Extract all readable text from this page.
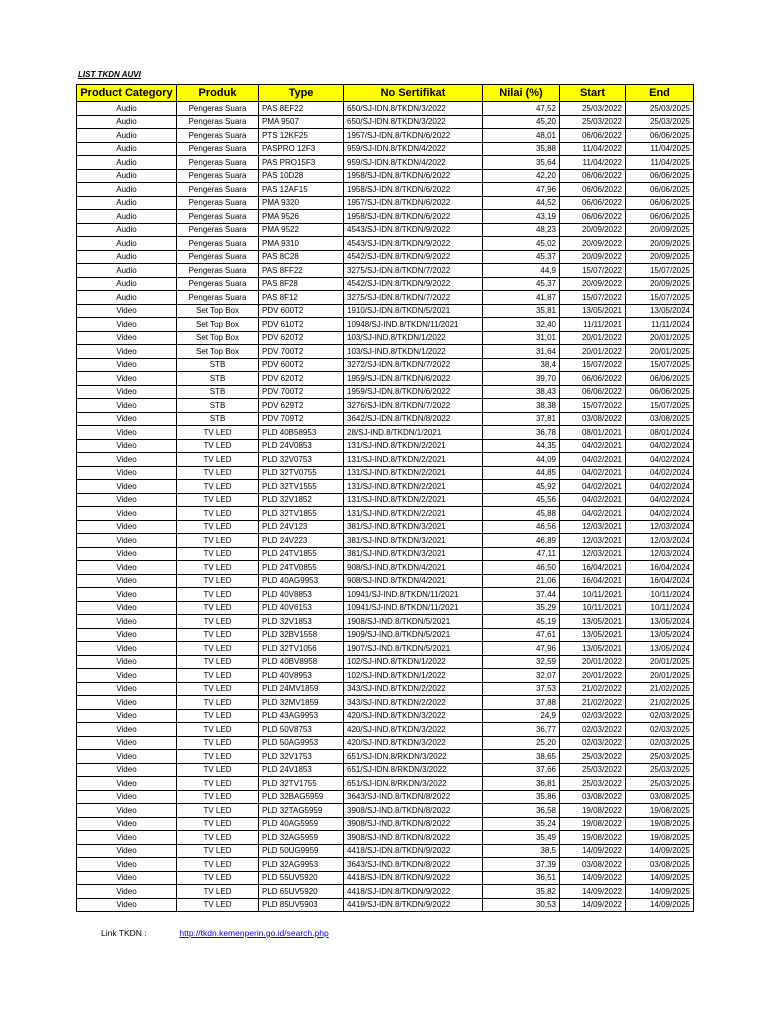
LIST TKDN AUVI
Product Category	Produk	Type	No Sertifikat	Nilai (%)	Start	End
Audio	Pengeras Suara	PAS 8EF22	650/SJ-IDN.8/TKDN/3/2022	47,52	25/03/2022	25/03/2025
Audio	Pengeras Suara	PMA 9507	650/SJ-IDN.8/TKDN/3/2022	45,20	25/03/2022	25/03/2025
Audio	Pengeras Suara	PTS 12KF25	1957/SJ-IDN.8/TKDN/6/2022	48,01	06/06/2022	06/06/2025
Audio	Pengeras Suara	PASPRO 12F3	959/SJ-IDN.8/TKDN/4/2022	35,88	11/04/2022	11/04/2025
Audio	Pengeras Suara	PAS PRO15F3	959/SJ-IDN.8/TKDN/4/2022	35,64	11/04/2022	11/04/2025
Audio	Pengeras Suara	PAS 10D28	1958/SJ-IDN.8/TKDN/6/2022	42,20	06/06/2022	06/06/2025
Audio	Pengeras Suara	PAS 12AF15	1958/SJ-IDN.8/TKDN/6/2022	47,96	06/06/2022	06/06/2025
Audio	Pengeras Suara	PMA 9320	1957/SJ-IDN.8/TKDN/6/2022	44,52	06/06/2022	06/06/2025
Audio	Pengeras Suara	PMA 9526	1958/SJ-IDN.8/TKDN/6/2022	43,19	06/06/2022	06/06/2025
Audio	Pengeras Suara	PMA 9522	4543/SJ-IDN.8/TKDN/9/2022	48,23	20/09/2022	20/09/2025
Audio	Pengeras Suara	PMA 9310	4543/SJ-IDN.8/TKDN/9/2022	45,02	20/09/2022	20/09/2025
Audio	Pengeras Suara	PAS 8C28	4542/SJ-IDN.8/TKDN/9/2022	45,37	20/09/2022	20/09/2025
Audio	Pengeras Suara	PAS 8FF22	3275/SJ-IDN.8/TKDN/7/2022	44,9	15/07/2022	15/07/2025
Audio	Pengeras Suara	PAS 8F28	4542/SJ-IDN.8/TKDN/9/2022	45,37	20/09/2022	20/09/2025
Audio	Pengeras Suara	PAS 8F12	3275/SJ-IDN.8/TKDN/7/2022	41,87	15/07/2022	15/07/2025
Video	Set Top Box	PDV 600T2	1910/SJ-IDN.8/TKDN/5/2021	35,81	13/05/2021	13/05/2024
Video	Set Top Box	PDV 610T2	10948/SJ-IND.8/TKDN/11/2021	32,40	11/11/2021	11/11/2024
Video	Set Top Box	PDV 620T2	103/SJ-IND.8/TKDN/1/2022	31,01	20/01/2022	20/01/2025
Video	Set Top Box	PDV 700T2	103/SJ-IND.8/TKDN/1/2022	31,64	20/01/2022	20/01/2025
Video	STB	PDV 600T2	3272/SJ-IDN.8/TKDN/7/2022	38,4	15/07/2022	15/07/2025
Video	STB	PDV 620T2	1959/SJ-IDN.8/TKDN/6/2022	39,70	06/06/2022	06/06/2025
Video	STB	PDV 700T2	1959/SJ-IDN.8/TKDN/6/2022	38,43	06/06/2022	06/06/2025
Video	STB	PDV 629T2	3276/SJ-IDN.8/TKDN/7/2022	38,38	15/07/2022	15/07/2025
Video	STB	PDV 709T2	3642/SJ-IDN.8/TKDN/8/2022	37,81	03/08/2022	03/08/2025
Video	TV LED	PLD 40B58953	28/SJ-IND.8/TKDN/1/2021	36,78	08/01/2021	08/01/2024
Video	TV LED	PLD 24V0853	131/SJ-IND.8/TKDN/2/2021	44,35	04/02/2021	04/02/2024
Video	TV LED	PLD 32V0753	131/SJ-IND.8/TKDN/2/2021	44,09	04/02/2021	04/02/2024
Video	TV LED	PLD 32TV0755	131/SJ-IND.8/TKDN/2/2021	44,85	04/02/2021	04/02/2024
Video	TV LED	PLD 32TV1555	131/SJ-IND.8/TKDN/2/2021	45,92	04/02/2021	04/02/2024
Video	TV LED	PLD 32V1852	131/SJ-IND.8/TKDN/2/2021	45,56	04/02/2021	04/02/2024
Video	TV LED	PLD 32TV1855	131/SJ-IND.8/TKDN/2/2021	45,88	04/02/2021	04/02/2024
Video	TV LED	PLD 24V123	381/SJ-IND.8/TKDN/3/2021	46,56	12/03/2021	12/03/2024
Video	TV LED	PLD 24V223	381/SJ-IND.8/TKDN/3/2021	46,89	12/03/2021	12/03/2024
Video	TV LED	PLD 24TV1855	381/SJ-IND.8/TKDN/3/2021	47,11	12/03/2021	12/03/2024
Video	TV LED	PLD 24TV0855	908/SJ-IND.8/TKDN/4/2021	46,50	16/04/2021	16/04/2024
Video	TV LED	PLD 40AG9953	908/SJ-IND.8/TKDN/4/2021	21,06	16/04/2021	16/04/2024
Video	TV LED	PLD 40V8853	10941/SJ-IND.8/TKDN/11/2021	37,44	10/11/2021	10/11/2024
Video	TV LED	PLD 40V6153	10941/SJ-IND.8/TKDN/11/2021	35,29	10/11/2021	10/11/2024
Video	TV LED	PLD 32V1853	1908/SJ-IND.8/TKDN/5/2021	45,19	13/05/2021	13/05/2024
Video	TV LED	PLD 32BV1558	1909/SJ-IND.8/TKDN/5/2021	47,61	13/05/2021	13/05/2024
Video	TV LED	PLD 32TV1056	1907/SJ-IND.8/TKDN/5/2021	47,96	13/05/2021	13/05/2024
Video	TV LED	PLD 40BV8958	102/SJ-IND.8/TKDN/1/2022	32,59	20/01/2022	20/01/2025
Video	TV LED	PLD 40V8953	102/SJ-IND.8/TKDN/1/2022	32,07	20/01/2022	20/01/2025
Video	TV LED	PLD 24MV1859	343/SJ-IND.8/TKDN/2/2022	37,53	21/02/2022	21/02/2025
Video	TV LED	PLD 32MV1859	343/SJ-IND.8/TKDN/2/2022	37,88	21/02/2022	21/02/2025
Video	TV LED	PLD 43AG9953	420/SJ-IND.8/TKDN/3/2022	24,9	02/03/2022	02/03/2025
Video	TV LED	PLD 50V8753	420/SJ-IND.8/TKDN/3/2022	36,77	02/03/2022	02/03/2025
Video	TV LED	PLD 50AG9953	420/SJ-IND.8/TKDN/3/2022	25,20	02/03/2022	02/03/2025
Video	TV LED	PLD 32V1753	651/SJ-IDN.8/RKDN/3/2022	38,65	25/03/2022	25/03/2025
Video	TV LED	PLD 24V1853	651/SJ-IDN.8/RKDN/3/2022	37,66	25/03/2022	25/03/2025
Video	TV LED	PLD 32TV1755	651/SJ-IDN.8/RKDN/3/2022	36,81	25/03/2022	25/03/2025
Video	TV LED	PLD 32BAG5959	3643/SJ-IND.8/TKDN/8/2022	35,86	03/08/2022	03/08/2025
Video	TV LED	PLD 32TAG5959	3908/SJ-IND.8/TKDN/8/2022	36,58	19/08/2022	19/08/2025
Video	TV LED	PLD 40AG5959	3908/SJ-IND.8/TKDN/8/2022	35,24	19/08/2022	19/08/2025
Video	TV LED	PLD 32AG5959	3908/SJ-IND.8/TKDN/8/2022	35,49	19/08/2022	19/08/2025
Video	TV LED	PLD 50UG9959	4418/SJ-IDN.8/TKDN/9/2022	38,5	14/09/2022	14/09/2025
Video	TV LED	PLD 32AG9953	3643/SJ-IND.8/TKDN/8/2022	37,39	03/08/2022	03/08/2025
Video	TV LED	PLD 55UV5920	4418/SJ-IDN.8/TKDN/9/2022	36,51	14/09/2022	14/09/2025
Video	TV LED	PLD 65UV5920	4418/SJ-IDN.8/TKDN/9/2022	35,82	14/09/2022	14/09/2025
Video	TV LED	PLD 85UV5903	4419/SJ-IDN.8/TKDN/9/2022	30,53	14/09/2022	14/09/2025
Link TKDN :	http://tkdn.kemenperin.go.id/search.php
